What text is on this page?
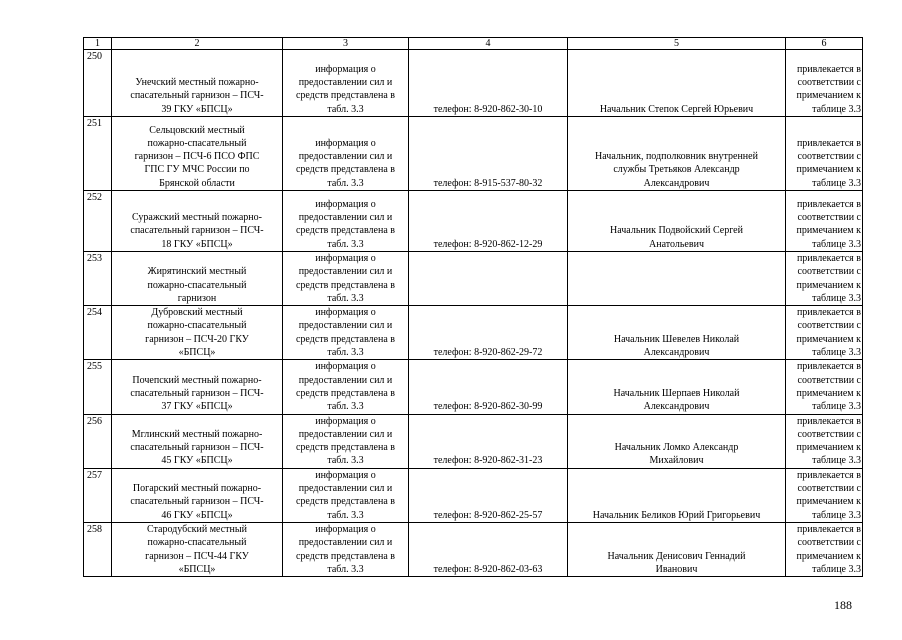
1	2	3	4	5	6
250	Унечский местный пожарно-
спасательный гарнизон – ПСЧ-
39 ГКУ «БПСЦ»	информация о
предоставлении сил и
средств представлена в
табл. 3.3	телефон: 8-920-862-30-10	Начальник Степок Сергей Юрьевич	привлекается в
соответствии с
примечанием к
таблице 3.3
251	Сельцовский местный
пожарно-спасательный
гарнизон – ПСЧ-6 ПСО ФПС
ГПС ГУ МЧС России по
Брянской области	информация о
предоставлении сил и
средств представлена в
табл. 3.3	телефон: 8-915-537-80-32	Начальник, подполковник внутренней
службы Третьяков Александр
Александрович	привлекается в
соответствии с
примечанием к
таблице 3.3
252	Суражский местный пожарно-
спасательный гарнизон – ПСЧ-
18 ГКУ «БПСЦ»	информация о
предоставлении сил и
средств представлена в
табл. 3.3	телефон: 8-920-862-12-29	Начальник Подвойский Сергей
Анатольевич	привлекается в
соответствии с
примечанием к
таблице 3.3
253	Жирятинский местный
пожарно-спасательный
гарнизон	информация о
предоставлении сил и
средств представлена в
табл. 3.3			привлекается в
соответствии с
примечанием к
таблице 3.3
254	Дубровский местный
пожарно-спасательный
гарнизон – ПСЧ-20 ГКУ
«БПСЦ»	информация о
предоставлении сил и
средств представлена в
табл. 3.3	телефон: 8-920-862-29-72	Начальник Шевелев Николай
Александрович	привлекается в
соответствии с
примечанием к
таблице 3.3
255	Почепский местный пожарно-
спасательный гарнизон – ПСЧ-
37 ГКУ «БПСЦ»	информация о
предоставлении сил и
средств представлена в
табл. 3.3	телефон: 8-920-862-30-99	Начальник Шерпаев Николай
Александрович	привлекается в
соответствии с
примечанием к
таблице 3.3
256	Мглинский местный пожарно-
спасательный гарнизон – ПСЧ-
45 ГКУ «БПСЦ»	информация о
предоставлении сил и
средств представлена в
табл. 3.3	телефон: 8-920-862-31-23	Начальник Ломко Александр
Михайлович	привлекается в
соответствии с
примечанием к
таблице 3.3
257	Погарский местный пожарно-
спасательный гарнизон – ПСЧ-
46 ГКУ «БПСЦ»	информация о
предоставлении сил и
средств представлена в
табл. 3.3	телефон: 8-920-862-25-57	Начальник Беликов Юрий Григорьевич	привлекается в
соответствии с
примечанием к
таблице 3.3
258	Стародубский местный
пожарно-спасательный
гарнизон – ПСЧ-44 ГКУ
«БПСЦ»	информация о
предоставлении сил и
средств представлена в
табл. 3.3	телефон: 8-920-862-03-63	Начальник Денисович Геннадий
Иванович	привлекается в
соответствии с
примечанием к
таблице 3.3
188
